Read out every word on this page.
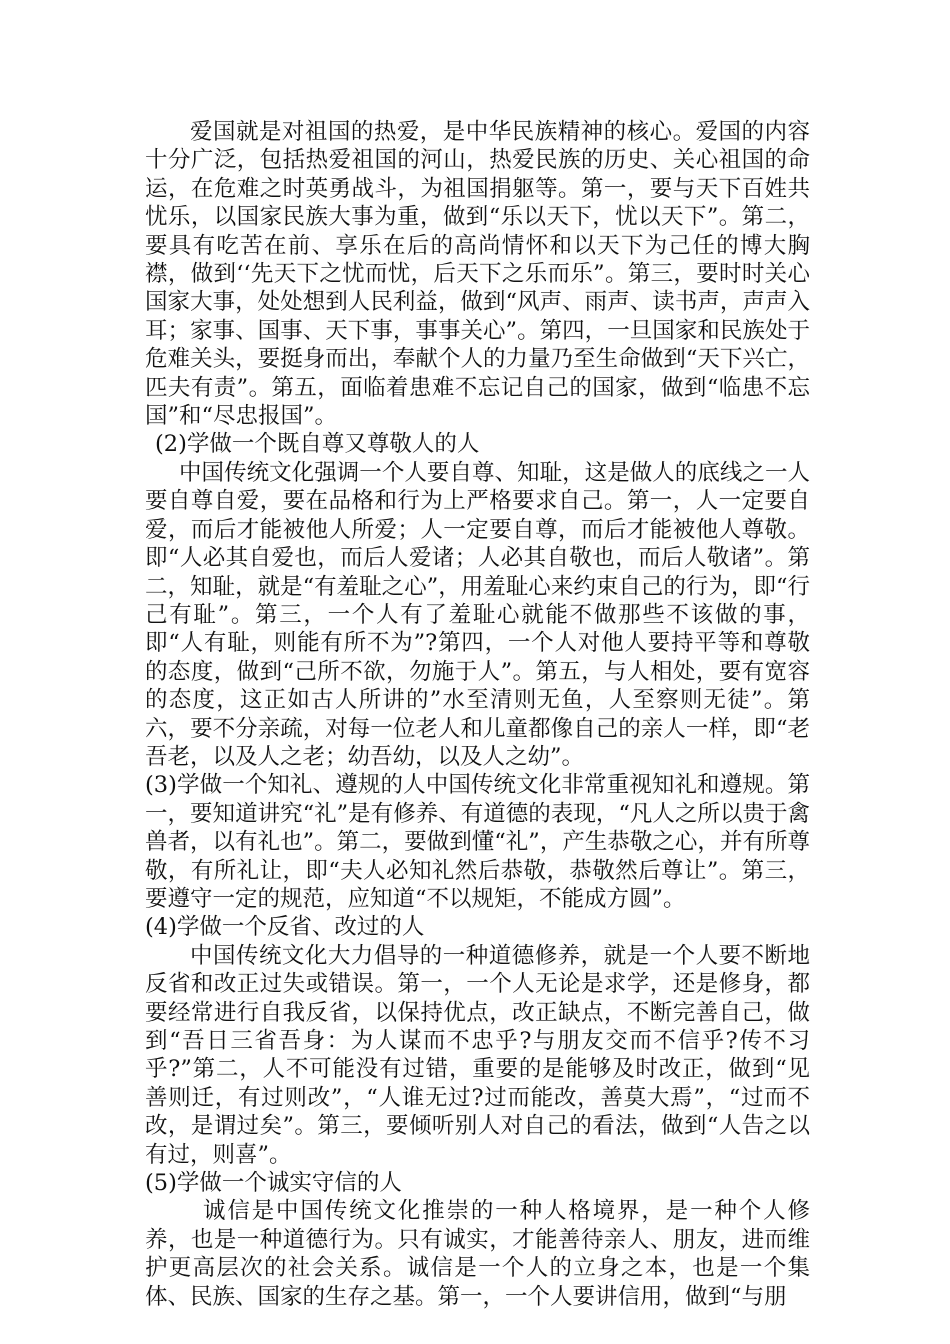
爱国就是对祖国的热爱，是中华民族精神的核心。爱国的内容十分广泛，包括热爱祖国的河山，热爱民族的历史、关心祖国的命运，在危难之时英勇战斗，为祖国捐躯等。第一，要与天下百姓共忧乐，以国家民族大事为重，做到“乐以天下，忧以天下”。第二，要具有吃苦在前、享乐在后的高尚情怀和以天下为己任的博大胸襟，做到‘‘先天下之忧而忧，后天下之乐而乐”。第三，要时时关心国家大事，处处想到人民利益，做到“风声、雨声、读书声，声声入耳；家事、国事、天下事，事事关心”。第四，一旦国家和民族处于危难关头，要挺身而出，奉献个人的力量乃至生命做到“天下兴亡，匹夫有责”。第五，面临着患难不忘记自己的国家，做到“临患不忘国”和“尽忠报国”。

(2)学做一个既自尊又尊敬人的人

中国传统文化强调一个人要自尊、知耻，这是做人的底线之一人要自尊自爱，要在品格和行为上严格要求自己。第一，人一定要自爱，而后才能被他人所爱；人一定要自尊，而后才能被他人尊敬。即“人必其自爱也，而后人爱诸；人必其自敬也，而后人敬诸”。第二，知耻，就是“有羞耻之心”，用羞耻心来约束自己的行为，即“行己有耻”。第三，一个人有了羞耻心就能不做那些不该做的事，即“人有耻，则能有所不为”?第四，一个人对他人要持平等和尊敬的态度，做到“己所不欲，勿施于人”。第五，与人相处，要有宽容的态度，这正如古人所讲的”水至清则无鱼，人至察则无徒”。第六，要不分亲疏，对每一位老人和儿童都像自己的亲人一样，即“老吾老，以及人之老；幼吾幼，以及人之幼”。

(3)学做一个知礼、遵规的人中国传统文化非常重视知礼和遵规。第一，要知道讲究“礼”是有修养、有道德的表现，“凡人之所以贵于禽兽者，以有礼也”。第二，要做到懂“礼”，产生恭敬之心，并有所尊敬，有所礼让，即“夫人必知礼然后恭敬，恭敬然后尊让”。第三，要遵守一定的规范，应知道“不以规矩，不能成方圆”。

(4)学做一个反省、改过的人

中国传统文化大力倡导的一种道德修养，就是一个人要不断地反省和改正过失或错误。第一，一个人无论是求学，还是修身，都要经常进行自我反省，以保持优点，改正缺点，不断完善自己，做到“吾日三省吾身：为人谋而不忠乎?与朋友交而不信乎?传不习乎?”第二，人不可能没有过错，重要的是能够及时改正，做到“见善则迁，有过则改”，“人谁无过?过而能改，善莫大焉”，“过而不改，是谓过矣”。第三，要倾听别人对自己的看法，做到“人告之以有过，则喜”。

(5)学做一个诚实守信的人

诚信是中国传统文化推崇的一种人格境界，是一种个人修养，也是一种道德行为。只有诚实，才能善待亲人、朋友，进而维护更高层次的社会关系。诚信是一个人的立身之本，也是一个集体、民族、国家的生存之基。第一，一个人要讲信用，做到“与朋
